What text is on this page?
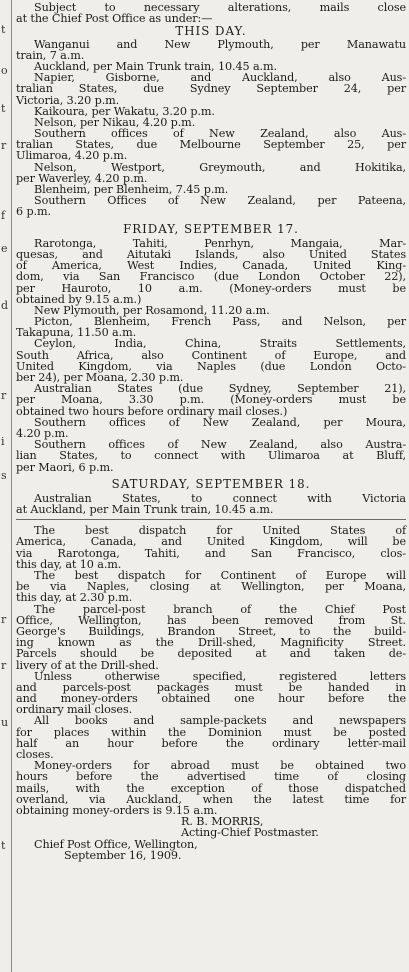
t
o
t
r
f
e
d
r
i
s
r
r
u
t
Subject to necessary alterations, mails close
at the Chief Post Office as under:—
THIS DAY.
Wanganui and New Plymouth, per Manawatu
train, 7 a.m.
Auckland, per Main Trunk train, 10.45 a.m.
Napier, Gisborne, and Auckland, also Aus-
tralian States, due Sydney September 24, per
Victoria, 3.20 p.m.
Kaikoura, per Wakatu, 3.20 p.m.
Nelson, per Nikau, 4.20 p.m.
Southern offices of New Zealand, also Aus-
tralian States, due Melbourne September 25, per
Ulimaroa, 4.20 p.m.
Nelson, Westport, Greymouth, and Hokitika,
per Waverley, 4.20 p.m.
Blenheim, per Blenheim, 7.45 p.m.
Southern Offices of New Zealand, per Pateena,
6 p.m.
FRIDAY, SEPTEMBER 17.
Rarotonga, Tahiti, Penrhyn, Mangaia, Mar-
quesas, and Aitutaki Islands, also United States
of America, West Indies, Canada, United King-
dom, via San Francisco (due London October 22),
per Hauroto, 10 a.m. (Money-orders must be
obtained by 9.15 a.m.)
New Plymouth, per Rosamond, 11.20 a.m.
Picton, Blenheim, French Pass, and Nelson, per
Takapuna, 11.50 a.m.
Ceylon, India, China, Straits Settlements,
South Africa, also Continent of Europe, and
United Kingdom, via Naples (due London Octo-
ber 24), per Moana, 2.30 p.m.
Australian States (due Sydney, September 21),
per Moana, 3.30 p.m. (Money-orders must be
obtained two hours before ordinary mail closes.)
Southern offices of New Zealand, per Moura,
4.20 p.m.
Southern offices of New Zealand, also Austra-
lian States, to connect with Ulimaroa at Bluff,
per Maori, 6 p.m.
SATURDAY, SEPTEMBER 18.
Australian States, to connect with Victoria
at Auckland, per Main Trunk train, 10.45 a.m.
The best dispatch for United States of
America, Canada, and United Kingdom, will be
via Rarotonga, Tahiti, and San Francisco, clos-
this day, at 10 a.m.
The best dispatch for Continent of Europe will
be via Naples, closing at Wellington, per Moana,
this day, at 2.30 p.m.
The parcel-post branch of the Chief Post
Office, Wellington, has been removed from St.
George's Buildings, Brandon Street, to the build-
ing known as the Drill-shed, Magnificity Street.
Parcels should be deposited at and taken de-
livery of at the Drill-shed.
Unless otherwise specified, registered letters
and parcels-post packages must be handed in
and money-orders obtained one hour before the
ordinary mail closes.
All books and sample-packets and newspapers
for places within the Dominion must be posted
half an hour before the ordinary letter-mail
closes.
Money-orders for abroad must be obtained two
hours before the advertised time of closing
mails, with the exception of those dispatched
overland, via Auckland, when the latest time for
obtaining money-orders is 9.15 a.m.
R. B. MORRIS,
Acting-Chief Postmaster.
Chief Post Office, Wellington,
September 16, 1909.
